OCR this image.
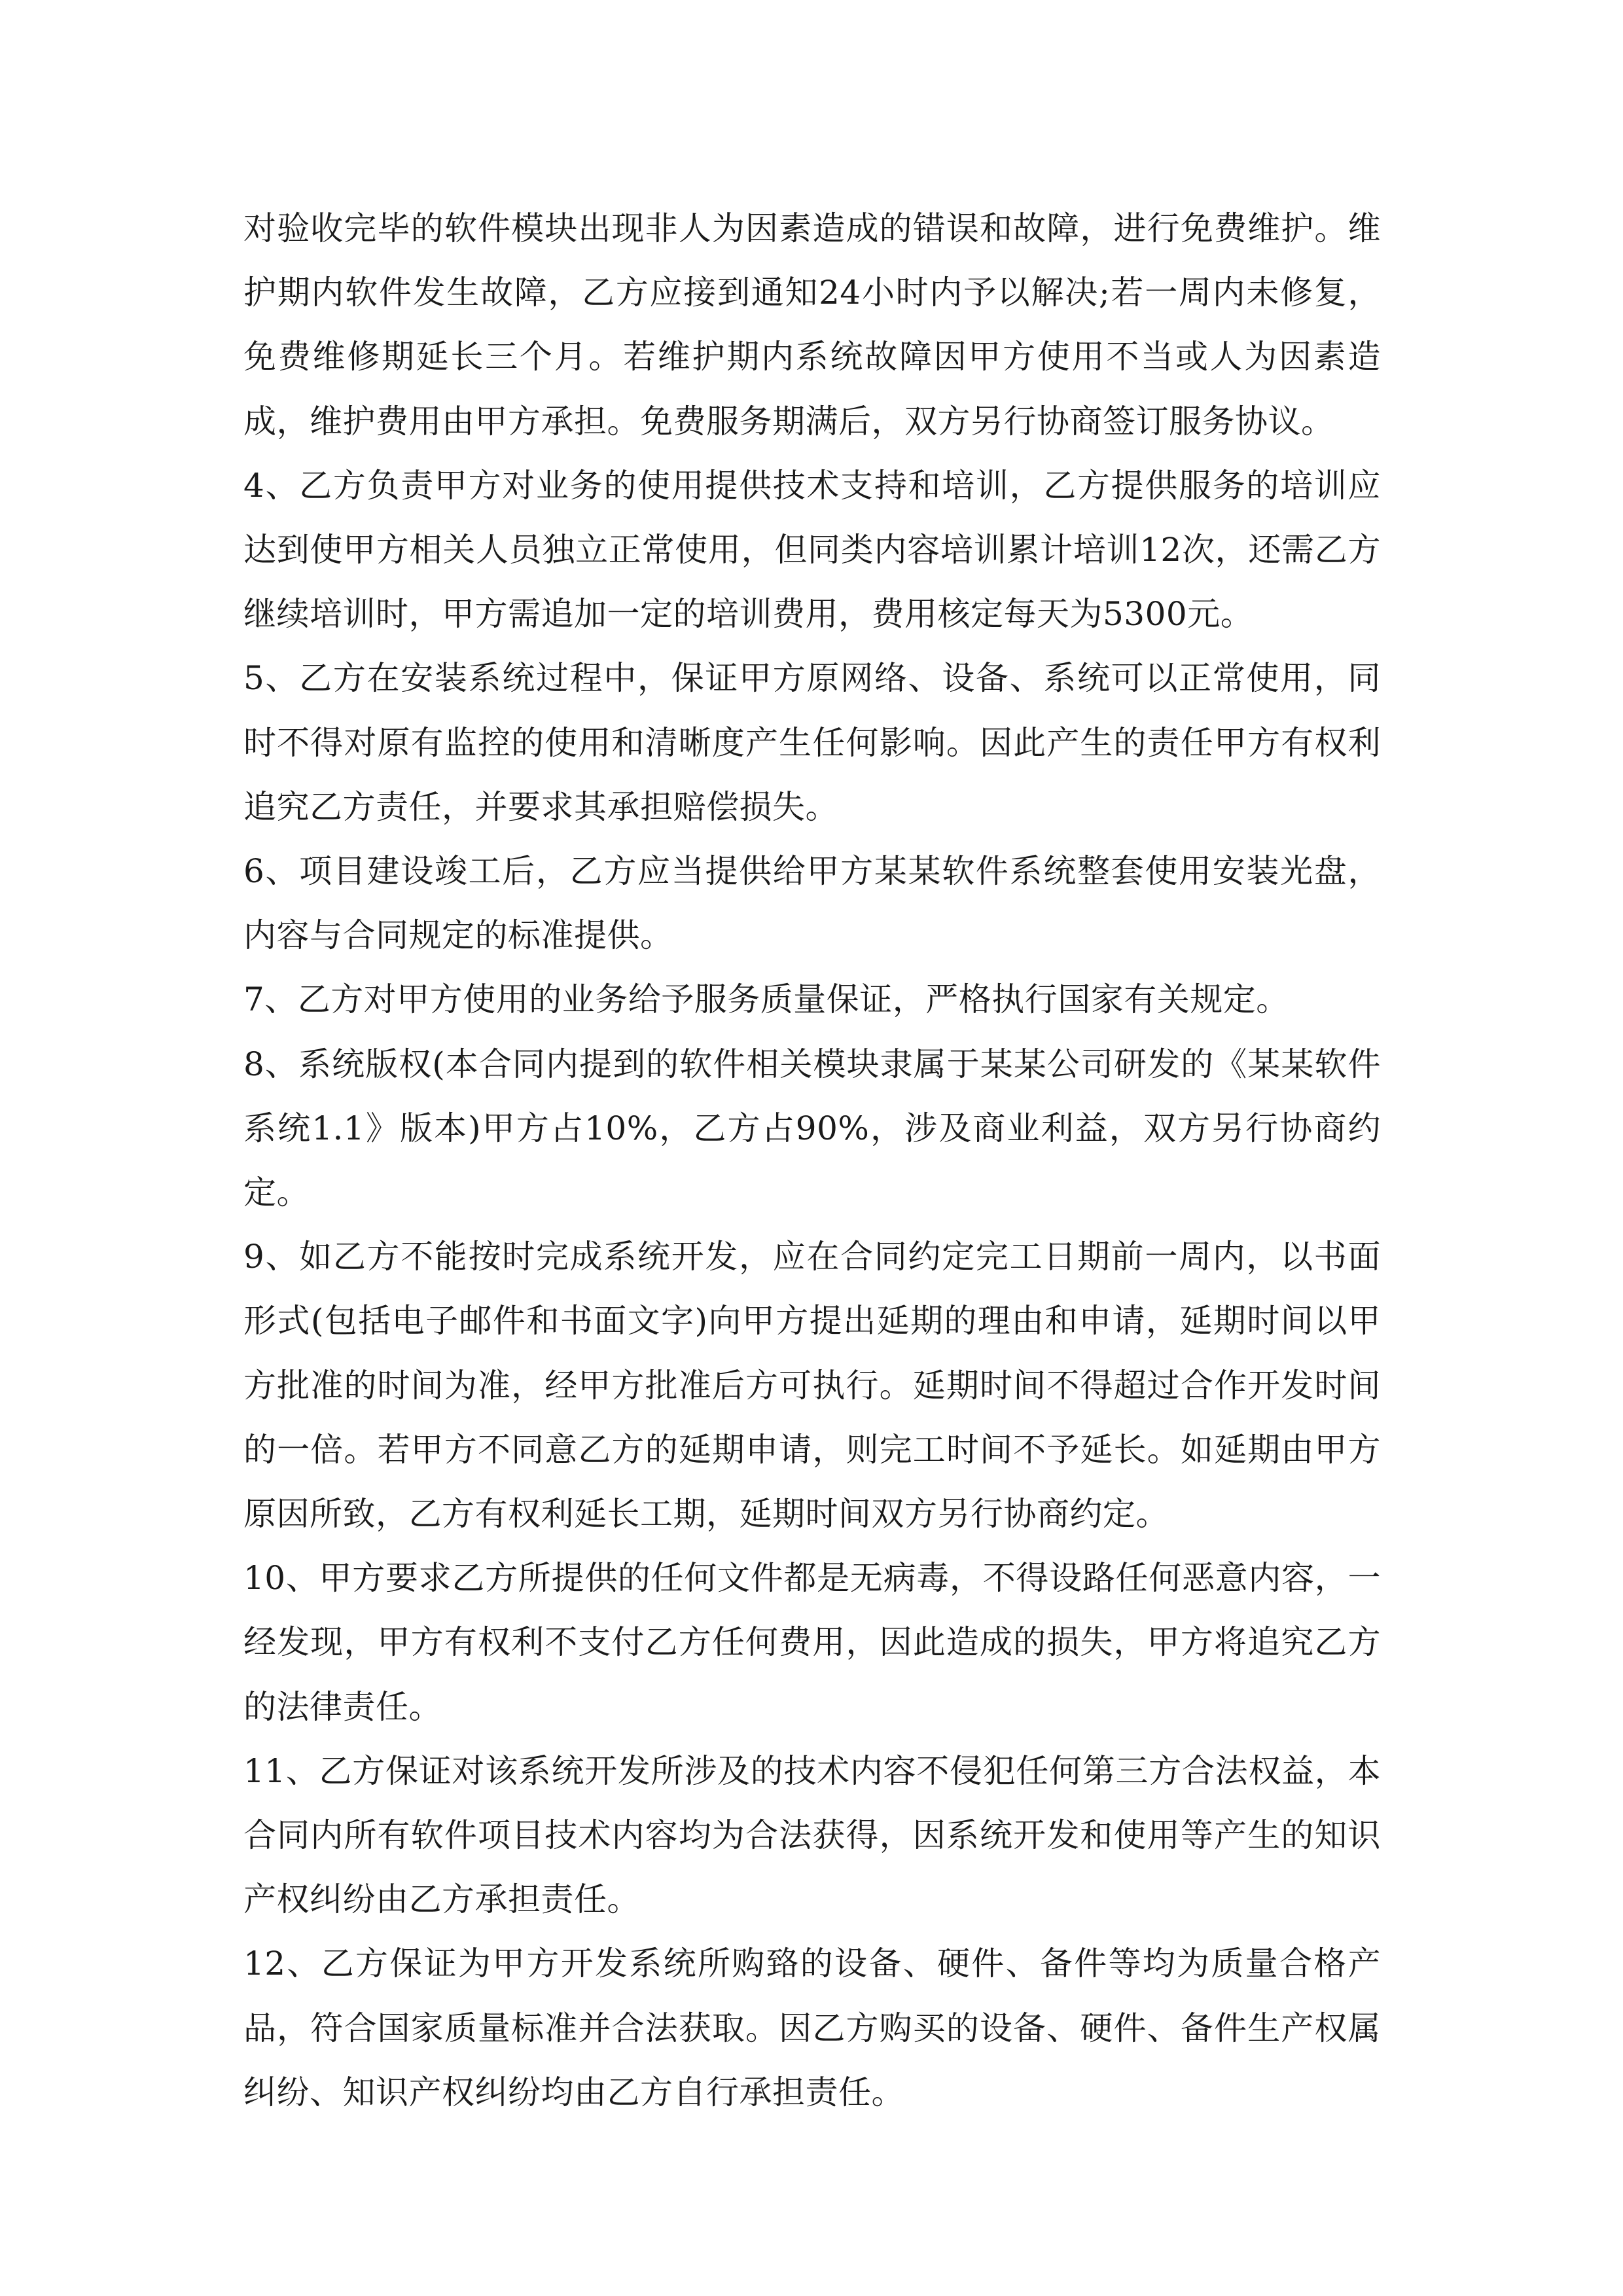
对验收完毕的软件模块出现非人为因素造成的错误和故障，进行免费维护。维护期内软件发生故障，乙方应接到通知24小时内予以解决;若一周内未修复，免费维修期延长三个月。若维护期内系统故障因甲方使用不当或人为因素造成，维护费用由甲方承担。免费服务期满后，双方另行协商签订服务协议。

4、乙方负责甲方对业务的使用提供技术支持和培训，乙方提供服务的培训应达到使甲方相关人员独立正常使用，但同类内容培训累计培训12次，还需乙方继续培训时，甲方需追加一定的培训费用，费用核定每天为5300元。

5、乙方在安装系统过程中，保证甲方原网络、设备、系统可以正常使用，同时不得对原有监控的使用和清晰度产生任何影响。因此产生的责任甲方有权利追究乙方责任，并要求其承担赔偿损失。

6、项目建设竣工后，乙方应当提供给甲方某某软件系统整套使用安装光盘，内容与合同规定的标准提供。

7、乙方对甲方使用的业务给予服务质量保证，严格执行国家有关规定。

8、系统版权(本合同内提到的软件相关模块隶属于某某公司研发的《某某软件系统1.1》版本)甲方占10%，乙方占90%，涉及商业利益，双方另行协商约定。

9、如乙方不能按时完成系统开发，应在合同约定完工日期前一周内，以书面形式(包括电子邮件和书面文字)向甲方提出延期的理由和申请，延期时间以甲方批准的时间为准，经甲方批准后方可执行。延期时间不得超过合作开发时间的一倍。若甲方不同意乙方的延期申请，则完工时间不予延长。如延期由甲方原因所致，乙方有权利延长工期，延期时间双方另行协商约定。

10、甲方要求乙方所提供的任何文件都是无病毒，不得设路任何恶意内容，一经发现，甲方有权利不支付乙方任何费用，因此造成的损失，甲方将追究乙方的法律责任。

11、乙方保证对该系统开发所涉及的技术内容不侵犯任何第三方合法权益，本合同内所有软件项目技术内容均为合法获得，因系统开发和使用等产生的知识产权纠纷由乙方承担责任。

12、乙方保证为甲方开发系统所购臵的设备、硬件、备件等均为质量合格产品，符合国家质量标准并合法获取。因乙方购买的设备、硬件、备件生产权属纠纷、知识产权纠纷均由乙方自行承担责任。
